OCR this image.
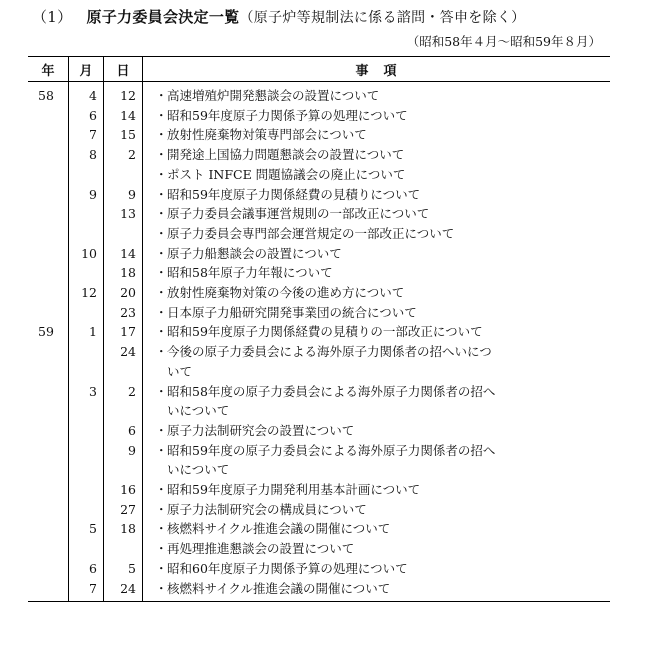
（1） 原子力委員会決定一覧（原子炉等規制法に係る諮問・答申を除く）
（昭和58年４月～昭和59年８月）
年	月	日	事　項
58	4	12	・高速増殖炉開発懇談会の設置について
	6	14	・昭和59年度原子力関係予算の処理について
	7	15	・放射性廃棄物対策専門部会について
	8	2	・開発途上国協力問題懇談会の設置について
			・ポスト INFCE 問題協議会の廃止について
	9	9	・昭和59年度原子力関係経費の見積りについて
		13	・原子力委員会議事運営規則の一部改正について
			・原子力委員会専門部会運営規定の一部改正について
	10	14	・原子力船懇談会の設置について
		18	・昭和58年原子力年報について
	12	20	・放射性廃棄物対策の今後の進め方について
		23	・日本原子力船研究開発事業団の統合について
59	1	17	・昭和59年度原子力関係経費の見積りの一部改正について
		24	・今後の原子力委員会による海外原子力関係者の招へいにつ
			いて
	3	2	・昭和58年度の原子力委員会による海外原子力関係者の招へ
			いについて
		6	・原子力法制研究会の設置について
		9	・昭和59年度の原子力委員会による海外原子力関係者の招へ
			いについて
		16	・昭和59年度原子力開発利用基本計画について
		27	・原子力法制研究会の構成員について
	5	18	・核燃料サイクル推進会議の開催について
			・再処理推進懇談会の設置について
	6	5	・昭和60年度原子力関係予算の処理について
	7	24	・核燃料サイクル推進会議の開催について
